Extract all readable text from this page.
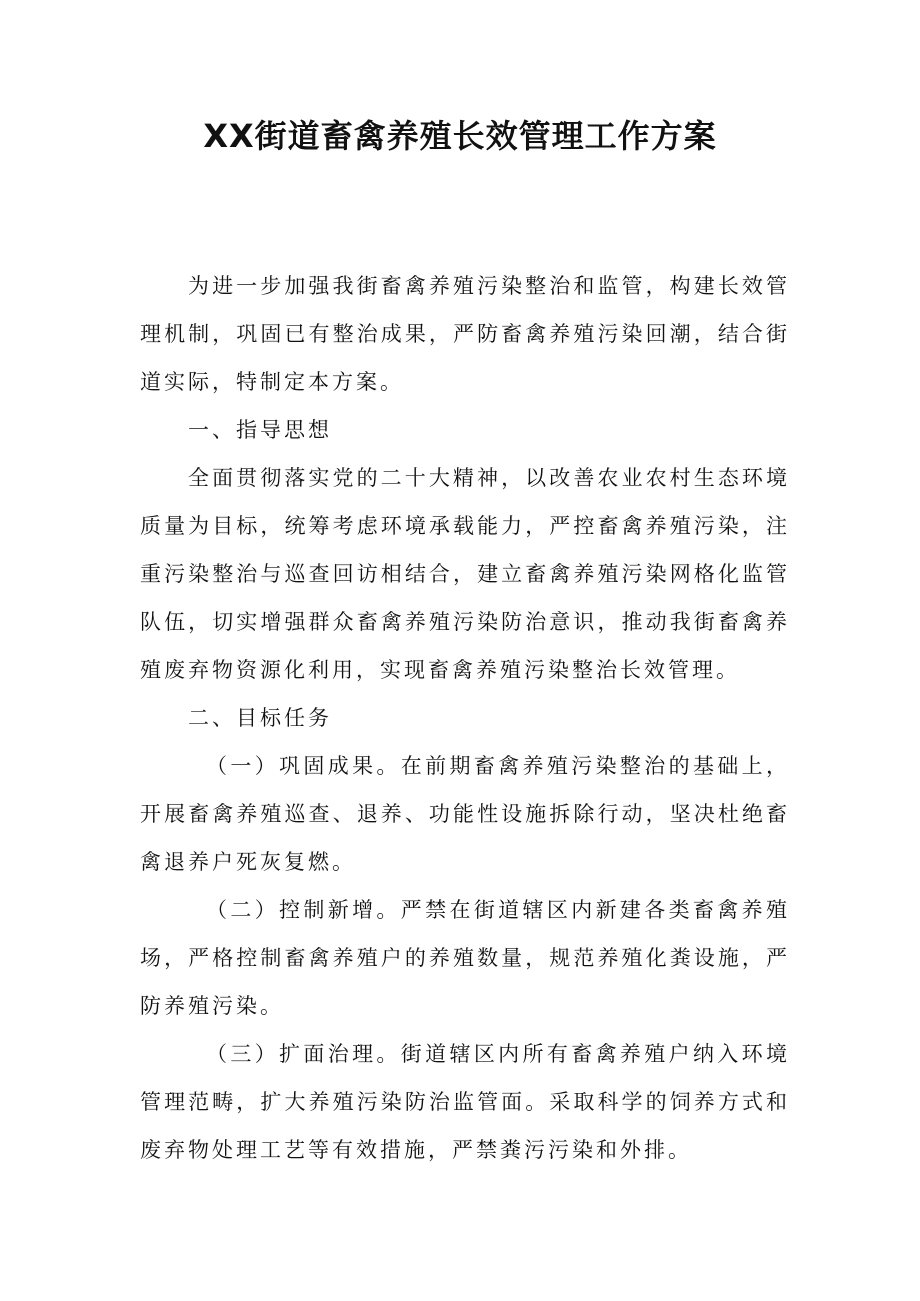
XX街道畜禽养殖长效管理工作方案

为进一步加强我街畜禽养殖污染整治和监管，构建长效管理机制，巩固已有整治成果，严防畜禽养殖污染回潮，结合街道实际，特制定本方案。

一、指导思想

全面贯彻落实党的二十大精神，以改善农业农村生态环境质量为目标，统筹考虑环境承载能力，严控畜禽养殖污染，注重污染整治与巡查回访相结合，建立畜禽养殖污染网格化监管队伍，切实增强群众畜禽养殖污染防治意识，推动我街畜禽养殖废弃物资源化利用，实现畜禽养殖污染整治长效管理。

二、目标任务

（一）巩固成果。在前期畜禽养殖污染整治的基础上，开展畜禽养殖巡查、退养、功能性设施拆除行动，坚决杜绝畜禽退养户死灰复燃。

（二）控制新增。严禁在街道辖区内新建各类畜禽养殖场，严格控制畜禽养殖户的养殖数量，规范养殖化粪设施，严防养殖污染。

（三）扩面治理。街道辖区内所有畜禽养殖户纳入环境管理范畴，扩大养殖污染防治监管面。采取科学的饲养方式和废弃物处理工艺等有效措施，严禁粪污污染和外排。
